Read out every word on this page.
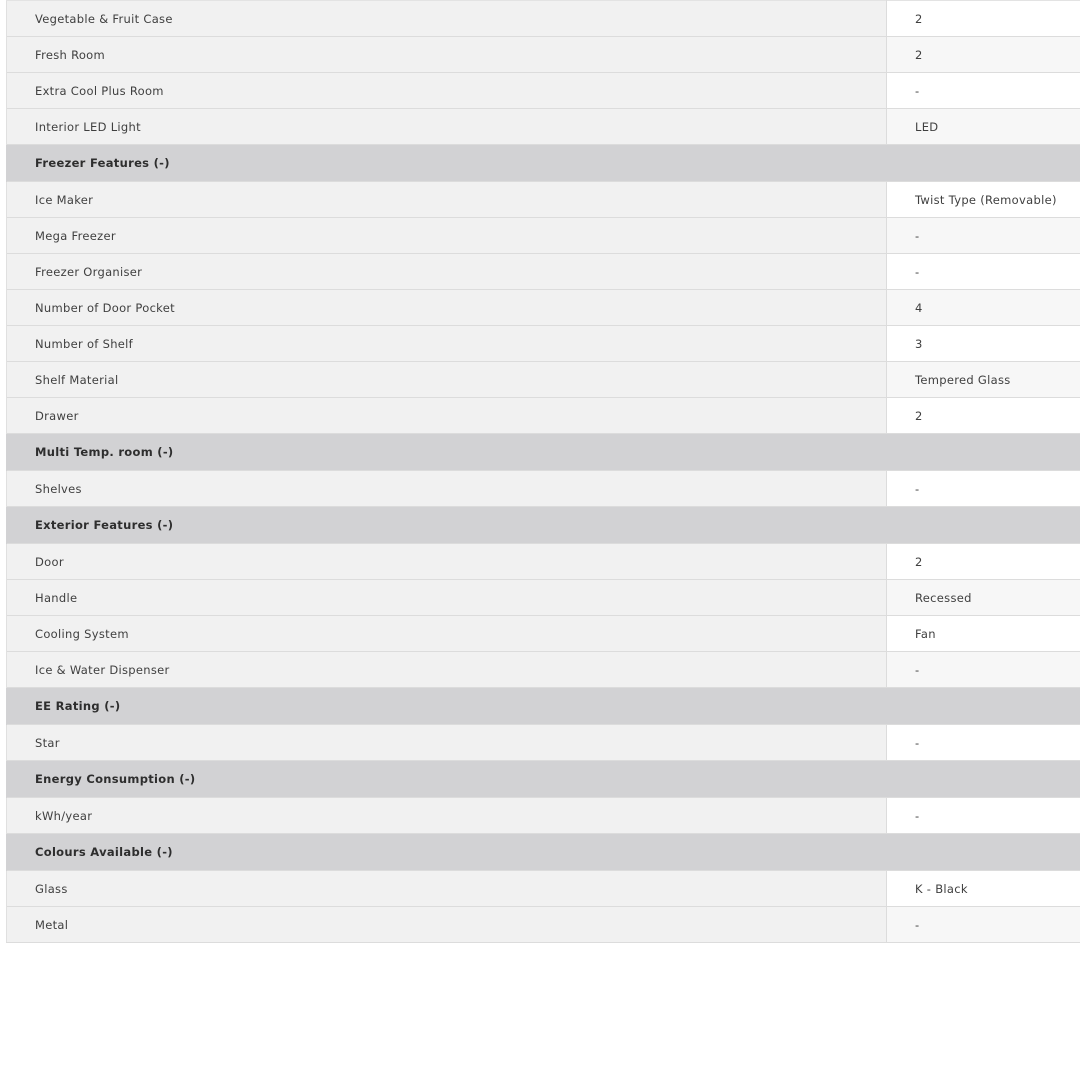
Vegetable & Fruit Case	2
Fresh Room	2
Extra Cool Plus Room	-
Interior LED Light	LED
Freezer Features (-)	
Ice Maker	Twist Type (Removable)
Mega Freezer	-
Freezer Organiser	-
Number of Door Pocket	4
Number of Shelf	3
Shelf Material	Tempered Glass
Drawer	2
Multi Temp. room (-)	
Shelves	-
Exterior Features (-)	
Door	2
Handle	Recessed
Cooling System	Fan
Ice & Water Dispenser	-
EE Rating (-)	
Star	-
Energy Consumption (-)	
kWh/year	-
Colours Available (-)	
Glass	K - Black
Metal	-
